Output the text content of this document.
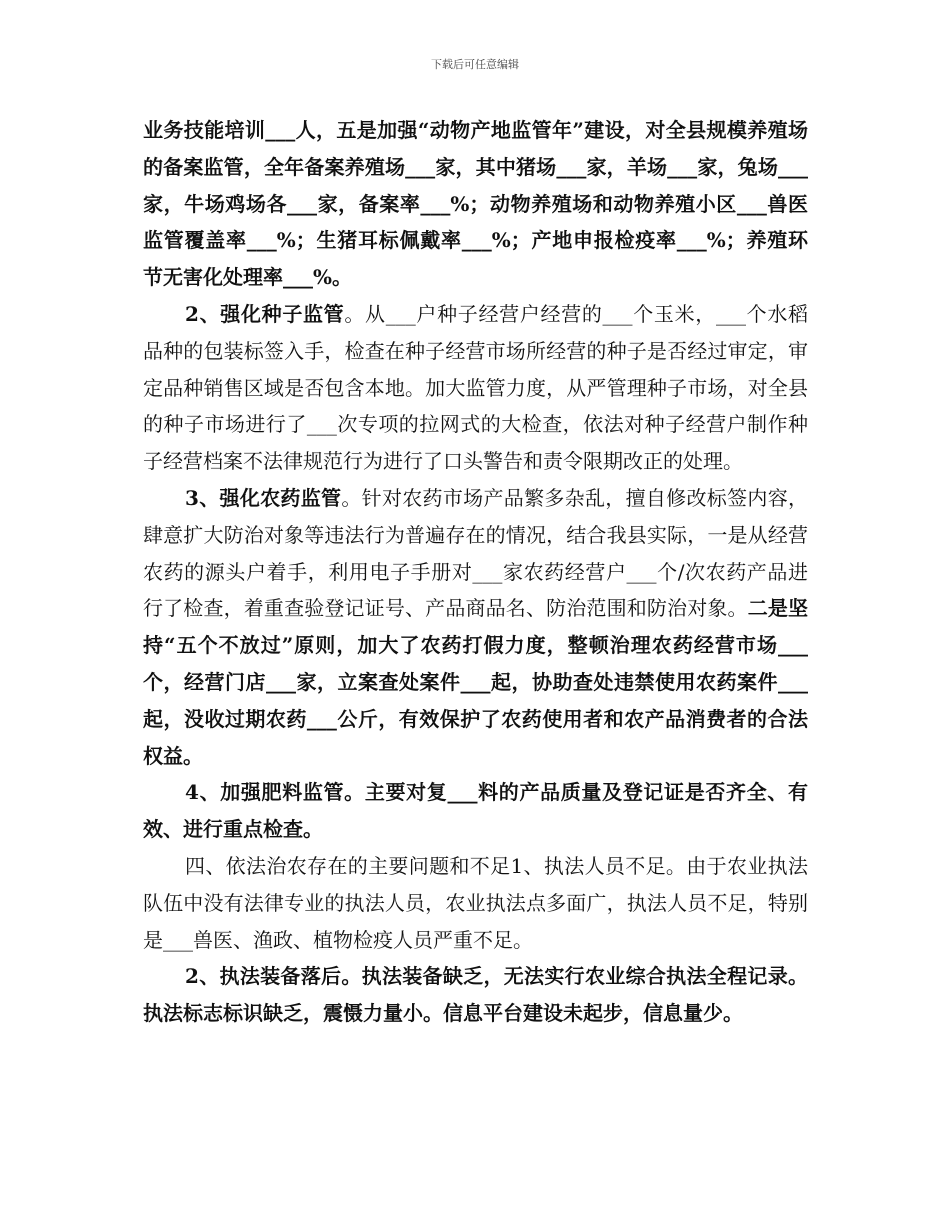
下载后可任意编辑

业务技能培训___人，五是加强“动物产地监管年”建设，对全县规模养殖场的备案监管，全年备案养殖场___家，其中猪场___家，羊场___家，兔场___家，牛场鸡场各___家，备案率___%；动物养殖场和动物养殖小区___兽医监管覆盖率___%；生猪耳标佩戴率___%；产地申报检疫率___%；养殖环节无害化处理率___%。

2、强化种子监管。从___户种子经营户经营的___个玉米，___个水稻品种的包装标签入手，检查在种子经营市场所经营的种子是否经过审定，审定品种销售区域是否包含本地。加大监管力度，从严管理种子市场，对全县的种子市场进行了___次专项的拉网式的大检查，依法对种子经营户制作种子经营档案不法律规范行为进行了口头警告和责令限期改正的处理。

3、强化农药监管。针对农药市场产品繁多杂乱，擅自修改标签内容，肆意扩大防治对象等违法行为普遍存在的情况，结合我县实际，一是从经营农药的源头户着手，利用电子手册对___家农药经营户___个/次农药产品进行了检查，着重查验登记证号、产品商品名、防治范围和防治对象。二是坚持“五个不放过”原则，加大了农药打假力度，整顿治理农药经营市场___个，经营门店___家，立案查处案件___起，协助查处违禁使用农药案件___起，没收过期农药___公斤，有效保护了农药使用者和农产品消费者的合法权益。

4、加强肥料监管。主要对复___料的产品质量及登记证是否齐全、有效、进行重点检查。

四、依法治农存在的主要问题和不足1、执法人员不足。由于农业执法队伍中没有法律专业的执法人员，农业执法点多面广，执法人员不足，特别是___兽医、渔政、植物检疫人员严重不足。

2、执法装备落后。执法装备缺乏，无法实行农业综合执法全程记录。执法标志标识缺乏，震慑力量小。信息平台建设未起步，信息量少。
